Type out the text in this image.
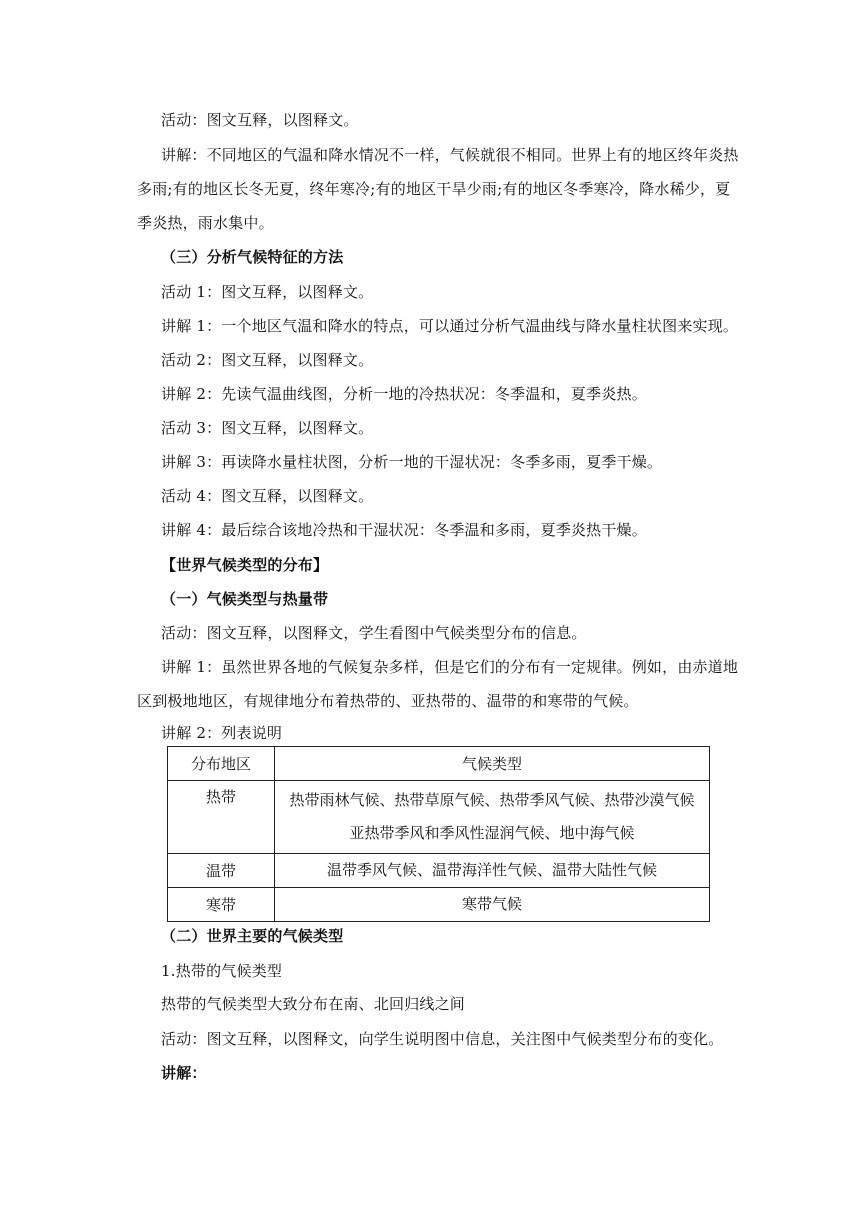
活动：图文互释，以图释文。
讲解：不同地区的气温和降水情况不一样，气候就很不相同。世界上有的地区终年炎热
多雨;有的地区长冬无夏，终年寒冷;有的地区干旱少雨;有的地区冬季寒冷，降水稀少，夏
季炎热，雨水集中。
（三）分析气候特征的方法
活动 1：图文互释，以图释文。
讲解 1：一个地区气温和降水的特点，可以通过分析气温曲线与降水量柱状图来实现。
活动 2：图文互释，以图释文。
讲解 2：先读气温曲线图，分析一地的冷热状况：冬季温和，夏季炎热。
活动 3：图文互释，以图释文。
讲解 3：再读降水量柱状图，分析一地的干湿状况：冬季多雨，夏季干燥。
活动 4：图文互释，以图释文。
讲解 4：最后综合该地冷热和干湿状况：冬季温和多雨，夏季炎热干燥。
【世界气候类型的分布】
（一）气候类型与热量带
活动：图文互释，以图释文，学生看图中气候类型分布的信息。
讲解 1：虽然世界各地的气候复杂多样，但是它们的分布有一定规律。例如，由赤道地
区到极地地区，有规律地分布着热带的、亚热带的、温带的和寒带的气候。
讲解 2：列表说明
分布地区	气候类型
热带	热带雨林气候、热带草原气候、热带季风气候、热带沙漠气候
亚热带季风和季风性湿润气候、地中海气候

温带	温带季风气候、温带海洋性气候、温带大陆性气候

寒带	寒带气候
（二）世界主要的气候类型
1.热带的气候类型
热带的气候类型大致分布在南、北回归线之间
活动：图文互释，以图释文，向学生说明图中信息，关注图中气候类型分布的变化。
讲解：
